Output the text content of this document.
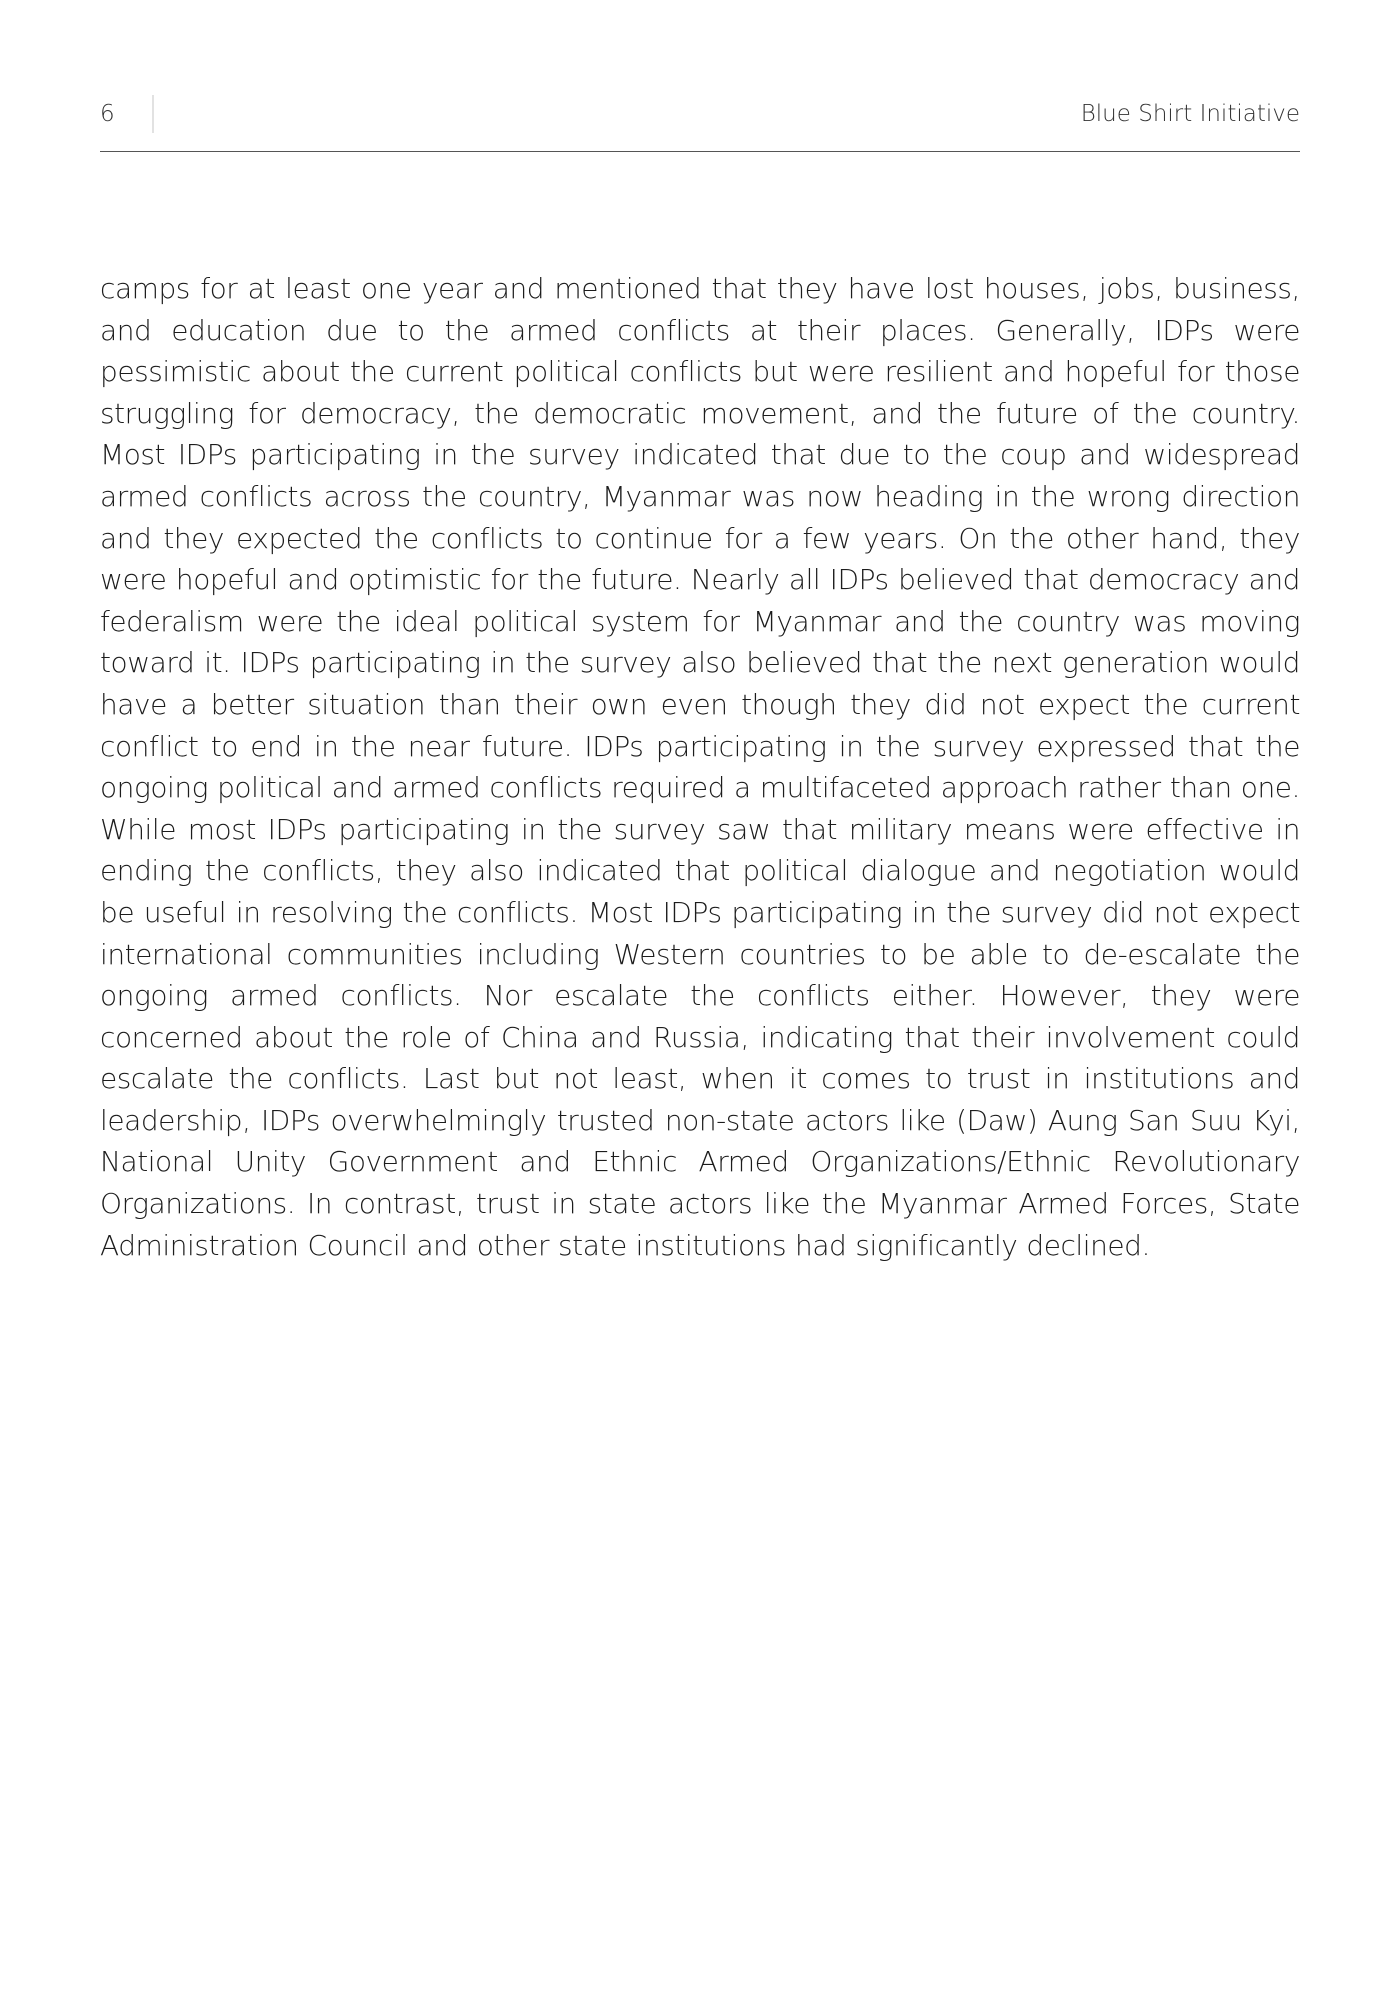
6	Blue Shirt Initiative

camps for at least one year and mentioned that they have lost houses, jobs, business, and education due to the armed conflicts at their places. Generally, IDPs were pessimistic about the current political conflicts but were resilient and hopeful for those struggling for democracy, the democratic movement, and the future of the country. Most IDPs participating in the survey indicated that due to the coup and widespread armed conflicts across the country, Myanmar was now heading in the wrong direction and they expected the conflicts to continue for a few years. On the other hand, they were hopeful and optimistic for the future. Nearly all IDPs believed that democracy and federalism were the ideal political system for Myanmar and the country was moving toward it. IDPs participating in the survey also believed that the next generation would have a better situation than their own even though they did not expect the current conflict to end in the near future. IDPs participating in the survey expressed that the ongoing political and armed conflicts required a multifaceted approach rather than one. While most IDPs participating in the survey saw that military means were effective in ending the conflicts, they also indicated that political dialogue and negotiation would be useful in resolving the conflicts. Most IDPs participating in the survey did not expect international communities including Western countries to be able to de-escalate the ongoing armed conflicts. Nor escalate the conflicts either. However, they were concerned about the role of China and Russia, indicating that their involvement could escalate the conflicts. Last but not least, when it comes to trust in institutions and leadership, IDPs overwhelmingly trusted non-state actors like (Daw) Aung San Suu Kyi, National Unity Government and Ethnic Armed Organizations/Ethnic Revolutionary Organizations. In contrast, trust in state actors like the Myanmar Armed Forces, State Administration Council and other state institutions had significantly declined.
